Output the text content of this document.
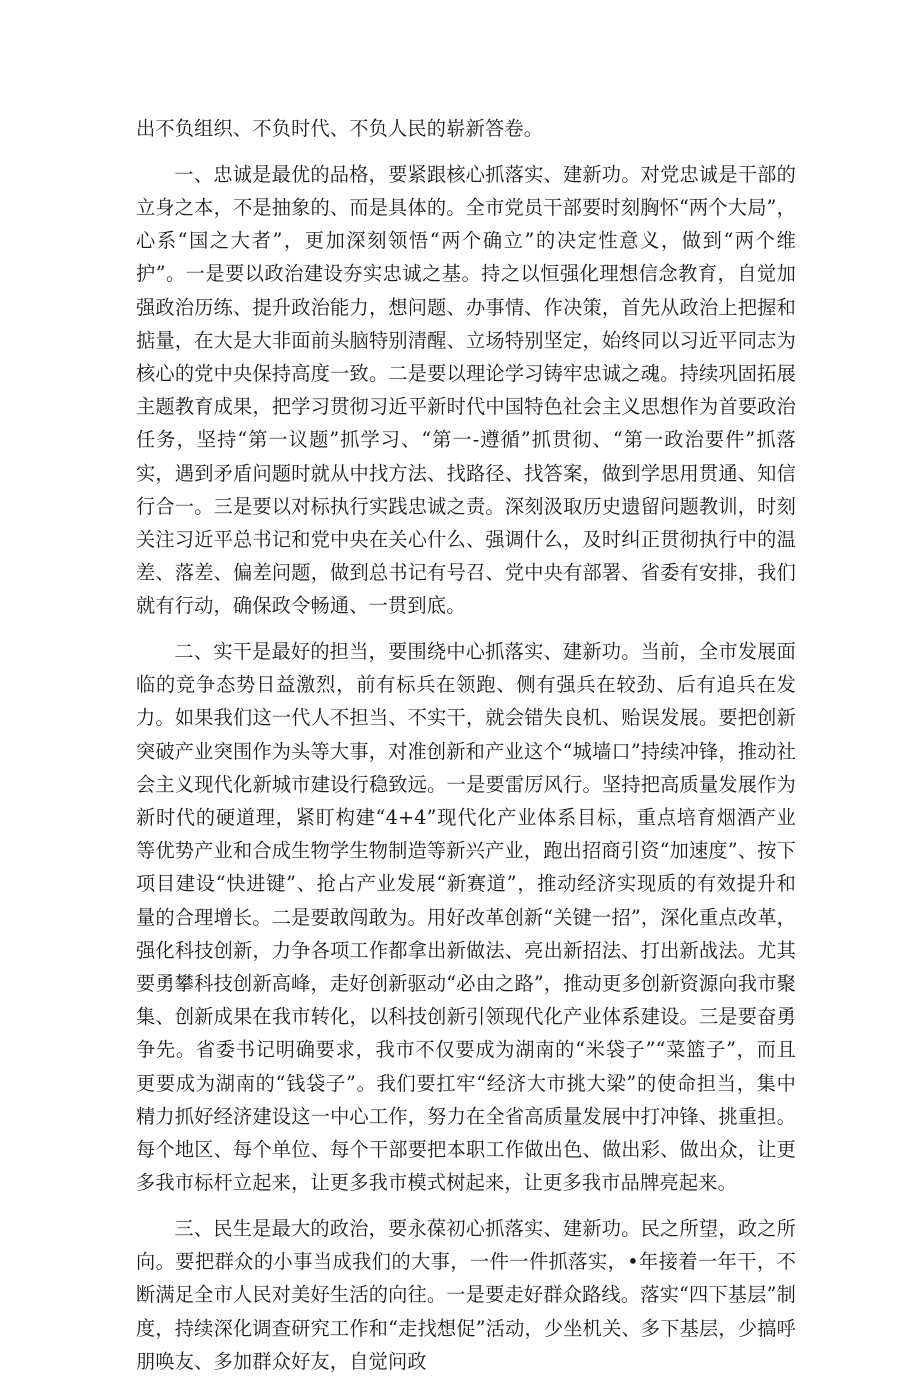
出不负组织、不负时代、不负人民的崭新答卷。

一、忠诚是最优的品格，要紧跟核心抓落实、建新功。对党忠诚是干部的立身之本，不是抽象的、而是具体的。全市党员干部要时刻胸怀“两个大局”，心系“国之大者”，更加深刻领悟“两个确立”的决定性意义，做到“两个维护”。一是要以政治建设夯实忠诚之基。持之以恒强化理想信念教育，自觉加强政治历练、提升政治能力，想问题、办事情、作决策，首先从政治上把握和掂量，在大是大非面前头脑特别清醒、立场特别坚定，始终同以习近平同志为核心的党中央保持高度一致。二是要以理论学习铸牢忠诚之魂。持续巩固拓展主题教育成果，把学习贯彻习近平新时代中国特色社会主义思想作为首要政治任务，坚持“第一议题”抓学习、“第一-遵循”抓贯彻、“第一政治要件”抓落实，遇到矛盾问题时就从中找方法、找路径、找答案，做到学思用贯通、知信行合一。三是要以对标执行实践忠诚之责。深刻汲取历史遗留问题教训，时刻关注习近平总书记和党中央在关心什么、强调什么，及时纠正贯彻执行中的温差、落差、偏差问题，做到总书记有号召、党中央有部署、省委有安排，我们就有行动，确保政令畅通、一贯到底。

二、实干是最好的担当，要围绕中心抓落实、建新功。当前，全市发展面临的竞争态势日益激烈，前有标兵在领跑、侧有强兵在较劲、后有追兵在发力。如果我们这一代人不担当、不实干，就会错失良机、贻误发展。要把创新突破产业突围作为头等大事，对准创新和产业这个“城墙口”持续冲锋，推动社会主义现代化新城市建设行稳致远。一是要雷厉风行。坚持把高质量发展作为新时代的硬道理，紧盯构建“4+4”现代化产业体系目标，重点培育烟酒产业等优势产业和合成生物学生物制造等新兴产业，跑出招商引资“加速度”、按下项目建设“快进键”、抢占产业发展“新赛道”，推动经济实现质的有效提升和量的合理增长。二是要敢闯敢为。用好改革创新“关键一招”，深化重点改革，强化科技创新，力争各项工作都拿出新做法、亮出新招法、打出新战法。尤其要勇攀科技创新高峰，走好创新驱动“必由之路”，推动更多创新资源向我市聚集、创新成果在我市转化，以科技创新引领现代化产业体系建设。三是要奋勇争先。省委书记明确要求，我市不仅要成为湖南的“米袋子”“菜篮子”，而且更要成为湖南的“钱袋子”。我们要扛牢“经济大市挑大梁”的使命担当，集中精力抓好经济建设这一中心工作，努力在全省高质量发展中打冲锋、挑重担。每个地区、每个单位、每个干部要把本职工作做出色、做出彩、做出众，让更多我市标杆立起来，让更多我市模式树起来，让更多我市品牌亮起来。

三、民生是最大的政治，要永葆初心抓落实、建新功。民之所望，政之所向。要把群众的小事当成我们的大事，一件一件抓落实，•年接着一年干，不断满足全市人民对美好生活的向往。一是要走好群众路线。落实“四下基层”制度，持续深化调查研究工作和“走找想促”活动，少坐机关、多下基层，少搞呼朋唤友、多加群众好友，自觉问政
